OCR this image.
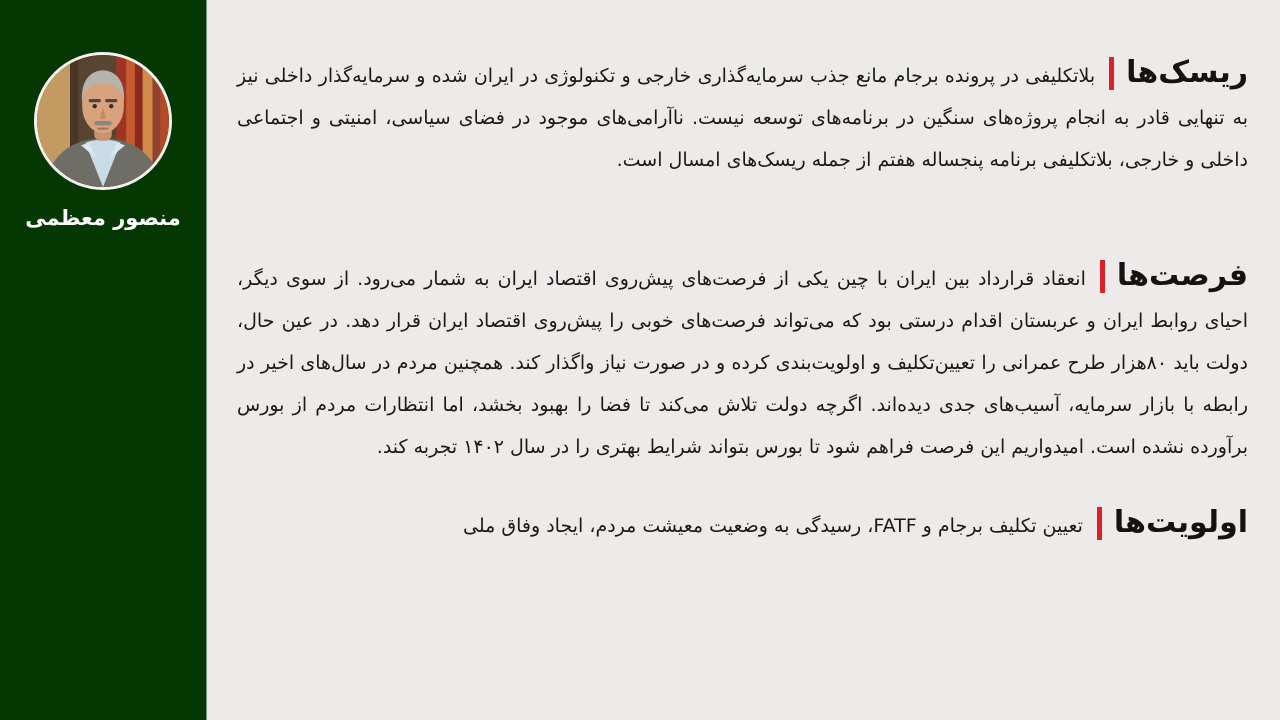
ریسک‌هابلاتکلیفی در پرونده برجام مانع جذب سرمایه‌گذاری خارجی و تکنولوژی در ایران شده و سرمایه‌گذار داخلی نیز به تنهایی قادر به انجام پروژه‌های سنگین در برنامه‌های توسعه نیست. ناآرامی‌های موجود در فضای سیاسی، امنیتی و اجتماعی داخلی و خارجی، بلاتکلیفی برنامه پنجساله هفتم از جمله ریسک‌های امسال است.

فرصت‌هاانعقاد قرارداد بین ایران با چین یکی از فرصت‌های پیش‌روی اقتصاد ایران به شمار می‌رود. از سوی دیگر، احیای روابط ایران و عربستان اقدام درستی بود که می‌تواند فرصت‌های خوبی را پیش‌روی اقتصاد ایران قرار دهد. در عین حال، دولت باید ۸۰هزار طرح عمرانی را تعیین‌تکلیف و اولویت‌بندی کرده و در صورت نیاز واگذار کند. همچنین مردم در سال‌های اخیر در رابطه با بازار سرمایه، آسیب‌های جدی دیده‌اند. اگرچه دولت تلاش می‌کند تا فضا را بهبود بخشد، اما انتظارات مردم از بورس برآورده نشده است. امیدواریم این فرصت فراهم شود تا بورس بتواند شرایط بهتری را در سال ۱۴۰۲ تجربه کند.

اولویت‌هاتعیین تکلیف برجام و FATF، رسیدگی به وضعیت معیشت مردم، ایجاد وفاق ملی

منصور معظمی
